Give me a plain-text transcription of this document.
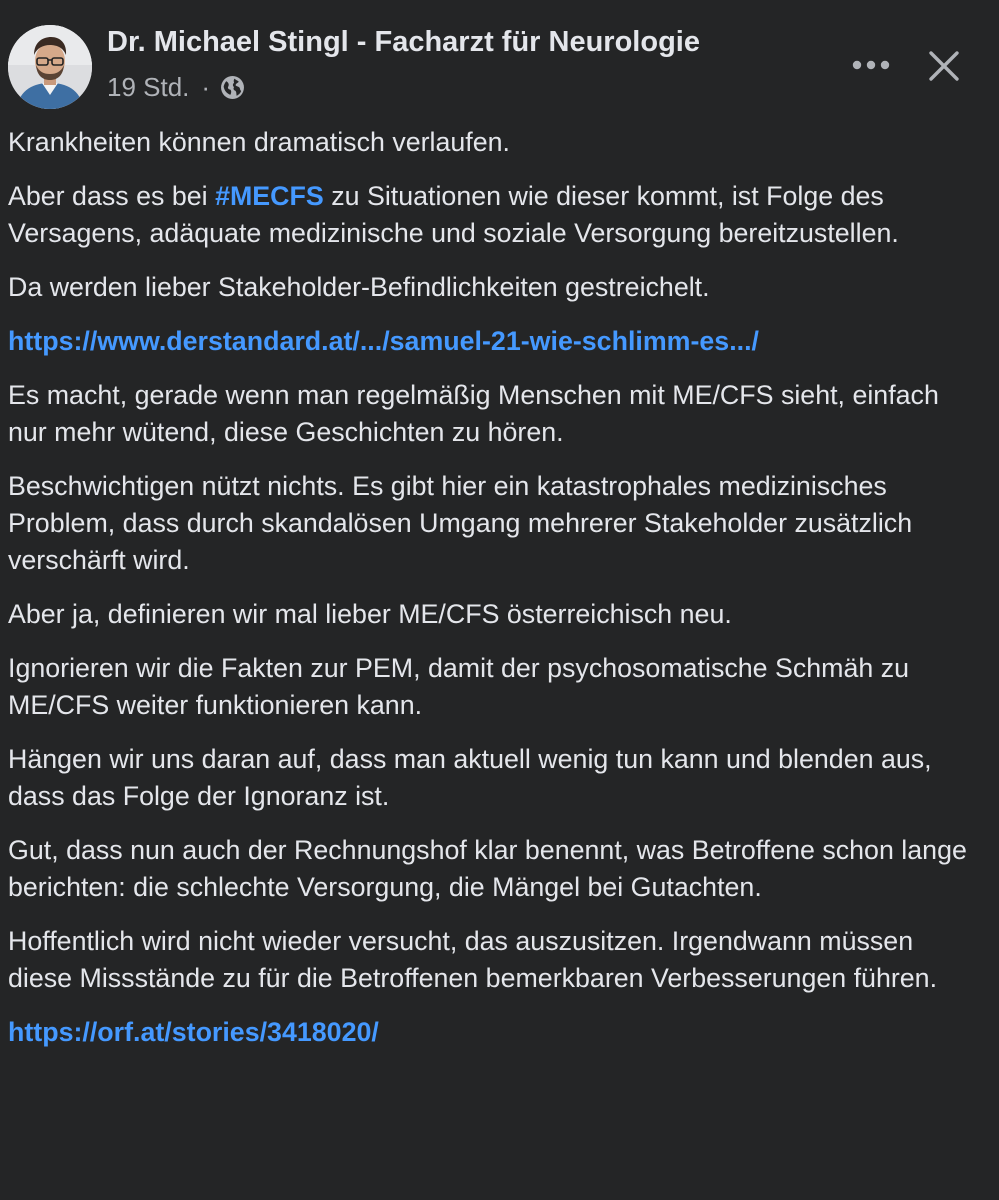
Dr. Michael Stingl - Facharzt für Neurologie
19 Std. ·

Krankheiten können dramatisch verlaufen.

Aber dass es bei #MECFS zu Situationen wie dieser kommt, ist Folge des Versagens, adäquate medizinische und soziale Versorgung bereitzustellen.

Da werden lieber Stakeholder-Befindlichkeiten gestreichelt.

https://www.derstandard.at/.../samuel-21-wie-schlimm-es.../

Es macht, gerade wenn man regelmäßig Menschen mit ME/CFS sieht, einfach nur mehr wütend, diese Geschichten zu hören.

Beschwichtigen nützt nichts. Es gibt hier ein katastrophales medizinisches Problem, dass durch skandalösen Umgang mehrerer Stakeholder zusätzlich verschärft wird.

Aber ja, definieren wir mal lieber ME/CFS österreichisch neu.

Ignorieren wir die Fakten zur PEM, damit der psychosomatische Schmäh zu ME/CFS weiter funktionieren kann.

Hängen wir uns daran auf, dass man aktuell wenig tun kann und blenden aus, dass das Folge der Ignoranz ist.

Gut, dass nun auch der Rechnungshof klar benennt, was Betroffene schon lange berichten: die schlechte Versorgung, die Mängel bei Gutachten.

Hoffentlich wird nicht wieder versucht, das auszusitzen. Irgendwann müssen diese Missstände zu für die Betroffenen bemerkbaren Verbesserungen führen.

https://orf.at/stories/3418020/
